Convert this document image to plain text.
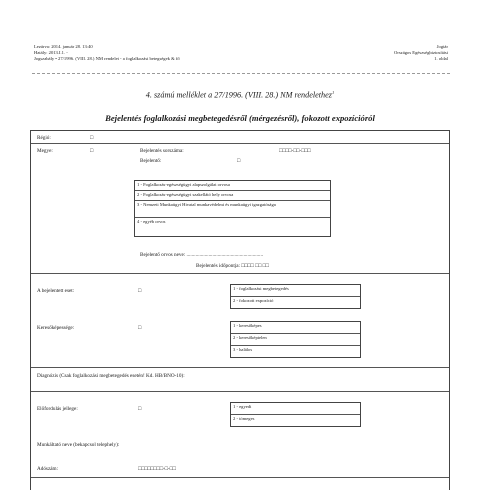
Lezárva: 2014. január 28. 13:40
Hatály: 2013.I.1. -
Jogszabály • 27/1996. (VIII. 28.) NM rendelet - a foglalkozási betegségek & fő
Jogtár
Országos Egészségbiztosítási
1. oldal
4. számú melléklet a 27/1996. (VIII. 28.) NM rendelethez$^1$
Bejelentés foglalkozási megbetegedésről (mérgezésről), fokozott expozícióról
Régió:	□
Megye:	□	Bejelentés sorszáma:	□□□□-□□-□□□
Bejelentő:	□
1 - Foglalkozás-egészségügyi alapszolgálat orvosa
2 - Foglalkozás-egészségügyi szakellátó hely orvosa
3 - Nemzeti Munkaügyi Hivatal munkavédelmi és munkaügyi igazgatósága
4 - egyéb orvos
Bejelentő orvos neve: ...........................................................
Bejelentés időpontja: □□□□ □□ □□
A bejelentett eset:	□	1 - foglalkozási megbetegedés
2 - fokozott expozíció
Keresőképessége:	□	1 - keresőképes
2 - keresőképtelen
3 - halálos
Diagnózis (Csak foglalkozási megbetegedés esetén! Kd. HB/BNO-10):
Előfordulás jellege:	□	1 - egyedi
2 - tömeges
Munkáltató neve (bekapcsol telephely):
Adószám:	□□□□□□□□-□-□□
